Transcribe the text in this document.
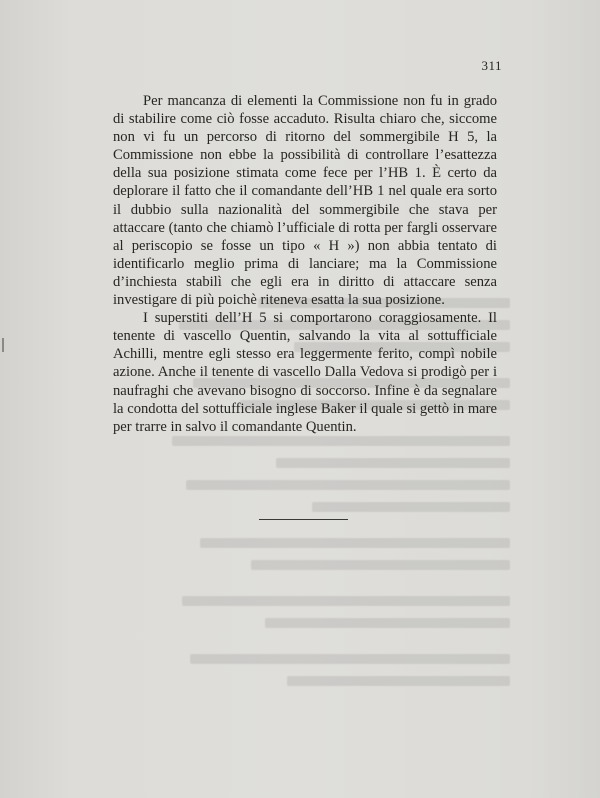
311

Per mancanza di elementi la Commissione non fu in grado di stabilire come ciò fosse accaduto. Risulta chiaro che, siccome non vi fu un percorso di ritorno del sommergibile H 5, la Commissione non ebbe la possibilità di controllare l’esattezza della sua posizione stimata come fece per l’HB 1. È certo da deplorare il fatto che il comandante dell’HB 1 nel quale era sorto il dubbio sulla nazionalità del sommergibile che stava per attaccare (tanto che chiamò l’ufficiale di rotta per fargli osservare al periscopio se fosse un tipo « H ») non abbia tentato di identificarlo meglio prima di lanciare; ma la Commissione d’inchiesta stabilì che egli era in diritto di attaccare senza investigare di più poichè riteneva esatta la sua posizione.

I superstiti dell’H 5 si comportarono coraggiosamente. Il tenente di vascello Quentin, salvando la vita al sottufficiale Achilli, mentre egli stesso era leggermente ferito, compì nobile azione. Anche il tenente di vascello Dalla Vedova si prodigò per i naufraghi che avevano bisogno di soccorso. Infine è da segnalare la condotta del sottufficiale inglese Baker il quale si gettò in mare per trarre in salvo il comandante Quentin.
